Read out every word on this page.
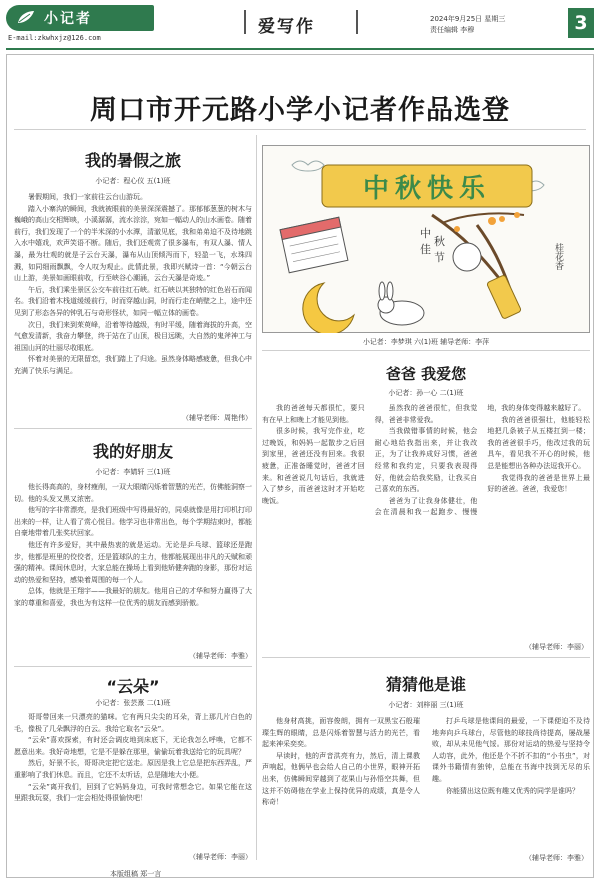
小记者
E-mail:zkwhxjz@126.com
爱写作	2024年9月25日 星期三
责任编辑 李穆	3
周口市开元路小学小记者作品选登
我的暑假之旅
小记者：程心仪 五(1)班

暑假期间，我们一家前往云台山游玩。

踏入小寨沟的瞬间，我就被眼前的美景深深震撼了。那郁郁葱葱的树木与巍峨的高山交相辉映，小溪潺潺，流水淙淙，宛如一幅动人的山水画卷。随着前行，我们发现了一个的半米深的小水潭，清澈见底，我和弟弟迫不及待地跳入水中嬉戏，欢声笑语不断。随后，我们还观赏了很多瀑布，有双人瀑、情人瀑，最为壮观的就是子云台天瀑，瀑布从山顶倾泻而下，轻盈一飞，水珠四溅，如同细雨飘飘，令人叹为观止。此情此景，我即兴赋诗一首：“今朝云台山上游，美景如画眼前收，行至峡谷心潮涌，云台天瀑是奇迹。”

午后，我们乘坐景区公交车前往红石峡。红石峡以其独特的红色岩石而闻名。我们沿着木栈道缓缓前行，时而穿越山洞，时而行走在峭壁之上，途中还见到了形态各异的钟乳石与奇形怪状，如同一幅立体的画卷。

次日，我们来到茱萸峰，沿着等待越级，有时平缓，随着海拔的升高，空气愈发清新，我奋力攀登，终于站在了山顶，极目远眺，大自然的鬼斧神工与祖国山河的壮丽尽收眼底。

怀着对美景的无限留恋，我们踏上了归途。虽然身体略感疲惫，但我心中充满了快乐与满足。

（辅导老师：周艳伟）
我的好朋友
小记者：李婧轩 三(1)班

他长得高高的，身材瘦削，一双大眼睛闪烁着智慧的光芒，仿佛能洞察一切。他的头发又黑又浓密。

他写的字非常漂亮，是我们班级中写得最好的，同桌就像是用打印机打印出来的一样，让人看了赏心悦目。他学习也非常出色，每个学期结束时，都能自豪地带着几张奖状回家。

他还有许多爱好，其中最热衷的就是运动。无论是乒乓球、篮球还是跑步，他都是班里的佼佼者，还是篮球队的主力，他都能展现出非凡的天赋和顽强的精神。课间休息时，大家总能在操场上看到他矫健奔跑的身影，那份对运动的热爱和坚持，感染着周围的每一个人。

总体，他就是王翔宇——我最好的朋友。他用自己的才华和努力赢得了大家的尊重和喜爱，我也为有这样一位优秀的朋友而感到骄傲。

（辅导老师：李雅）
“云朵”
小记者：张芸熹 二(1)班

哥哥带回来一只漂亮的猫咪。它有两只尖尖的耳朵，背上那几片白色的毛，像极了几朵飘浮的白云。我给它取名“云朵”。

“云朵”喜欢探索，有时还会调皮地到床底下，无论我怎么呼唤，它都不愿意出来。我好奇地想，它是不是躲在那里，偷偷玩着我送给它的玩具呢？

然后，好景不长，哥哥决定把它送走。原因是我上它总是把东西弄乱，严重影响了我们休息。而且，它还不太听话，总是随地大小便。

“云朵”离开我们，回到了它妈妈身边，可我时常想念它。如果它能在这里跟我玩耍，我们一定会相处得很愉快吧！

（辅导老师：李丽）
中秋快乐
中秋佳节	桂花香
小记者：李梦琪 六(1)班 辅导老师：李萍
爸爸 我爱您
小记者：孙一心 二(1)班

我的爸爸每天都很忙，要只有在早上和晚上才能见到他。

很多时候，我写完作业，吃过晚饭，和妈妈一起散步之后回到家里，爸爸还没有回来。我很疲惫，正准备睡觉时，爸爸才回来。和爸爸说几句话后，我就进入了梦乡，而爸爸这时才开始吃晚饭。

虽然我的爸爸很忙，但我觉得，爸爸非常爱我。

当我做错事情的时候，他会耐心地给我指出来，并让我改正，为了让我养成好习惯，爸爸经常和我约定，只要我表现得好，他就会给我奖励，让我买自己喜欢的东西。

爸爸为了让我身体健壮，他会在清晨和我一起跑步、慢慢地，我的身体变得越来越好了。

我的爸爸很强壮，他能轻松地把几条被子从五楼扛到一楼；我的爸爸很手巧，他改过我的玩具车，看见我不开心的时候，他总是能想出各种办法逗我开心。

我觉得我的爸爸是世界上最好的爸爸。爸爸，我爱您！

（辅导老师：李丽）
猜猜他是谁
小记者：刘梓丽 三(1)班

他身材高挑，面容俊朗，拥有一双黑宝石般璀璨生辉的眼睛，总是闪烁着智慧与活力的光芒，看起来神采奕奕。

早读时，他的声音洪亮有力，然后，清上课教声响起，他俩早也会给人自己的小世界，眼神开拓出来，仿佛瞬间穿越到了花果山与孙悟空共舞，但这并不妨碍他在学业上保持优异的成绩，真是令人称奇！

打乒乓球是他课间的最爱，一下课便迫不及待地奔向乒乓球台，尽管他的球技尚待提高，屡战屡败，却从未见他气馁。那份对运动的热爱与坚持令人动容，此外，他还是个不折不扣的“小书虫”，对课外书籍情有独钟，总能在书海中找到无尽的乐趣。

你能猜出这位既有趣又优秀的同学是谁吗？

（辅导老师：李雅）
本版组稿 郑一言
